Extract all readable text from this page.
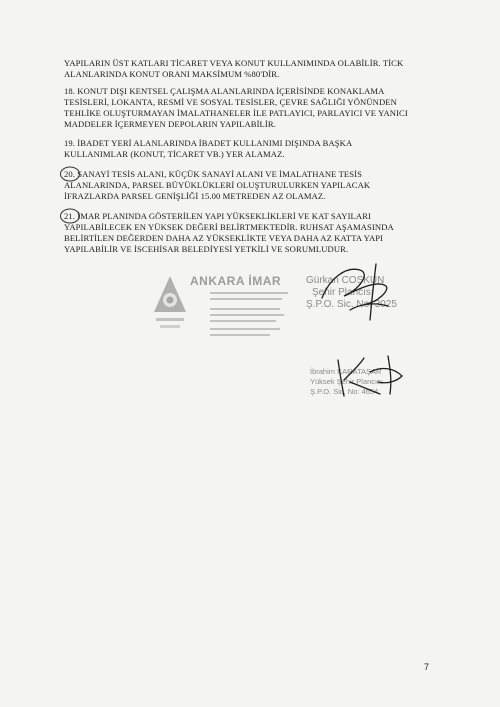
YAPILARIN ÜST KATLARI TİCARET VEYA KONUT KULLANIMINDA OLABİLİR. TİCK
ALANLARINDA KONUT ORANI MAKSİMUM %80'DİR.
18. KONUT DIŞI KENTSEL ÇALIŞMA ALANLARINDA İÇERİSİNDE KONAKLAMA
TESİSLERİ, LOKANTA, RESMİ VE SOSYAL TESİSLER, ÇEVRE SAĞLIĞI YÖNÜNDEN
TEHLİKE OLUŞTURMAYAN İMALATHANELER İLE PATLAYICI, PARLAYICI VE YANICI
MADDELER İÇERMEYEN DEPOLARIN YAPILABİLİR.
19. İBADET YERİ ALANLARINDA İBADET KULLANIMI DIŞINDA BAŞKA
KULLANIMLAR (KONUT, TİCARET VB.) YER ALAMAZ.
20. SANAYİ TESİS ALANI, KÜÇÜK SANAYİ ALANI VE İMALATHANE TESİS
ALANLARINDA, PARSEL BÜYÜKLÜKLERİ OLUŞTURULURKEN YAPILACAK
İFRAZLARDA PARSEL GENİŞLİĞİ 15.00 METREDEN AZ OLAMAZ.
21. İMAR PLANINDA GÖSTERİLEN YAPI YÜKSEKLİKLERİ VE KAT SAYILARI
YAPILABİLECEK EN YÜKSEK DEĞERİ BELİRTMEKTEDİR. RUHSAT AŞAMASINDA
BELİRTİLEN DEĞERDEN DAHA AZ YÜKSEKLİKTE VEYA DAHA AZ KATTA YAPI
YAPILABİLİR VE İSCEHİSAR BELEDİYESİ YETKİLİ VE SORUMLUDUR.
ANKARA İMAR Gürkan COŞKUN
Şehir Plancısı
Ş.P.O. Sic. No: 3025
İbrahim KARATAŞAR
Yüksek Şehir Plancısı
Ş.P.O. Sic. No: 4654
7
